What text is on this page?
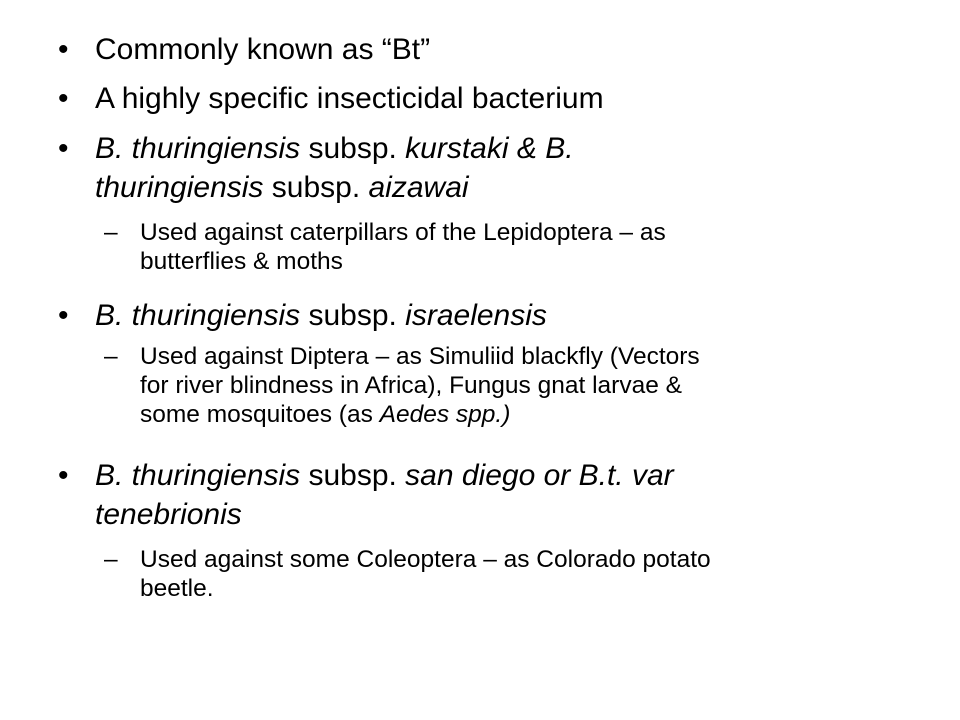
• Commonly known as “Bt”
• A highly specific insecticidal bacterium
• B. thuringiensis subsp. kurstaki & B.
thuringiensis subsp. aizawai
– Used against caterpillars of the Lepidoptera – as
butterflies & moths
• B. thuringiensis subsp. israelensis
– Used against Diptera – as Simuliid blackfly (Vectors
for river blindness in Africa), Fungus gnat larvae &
some mosquitoes (as Aedes spp.)
• B. thuringiensis subsp. san diego or B.t. var
tenebrionis
– Used against some Coleoptera – as Colorado potato
beetle.
